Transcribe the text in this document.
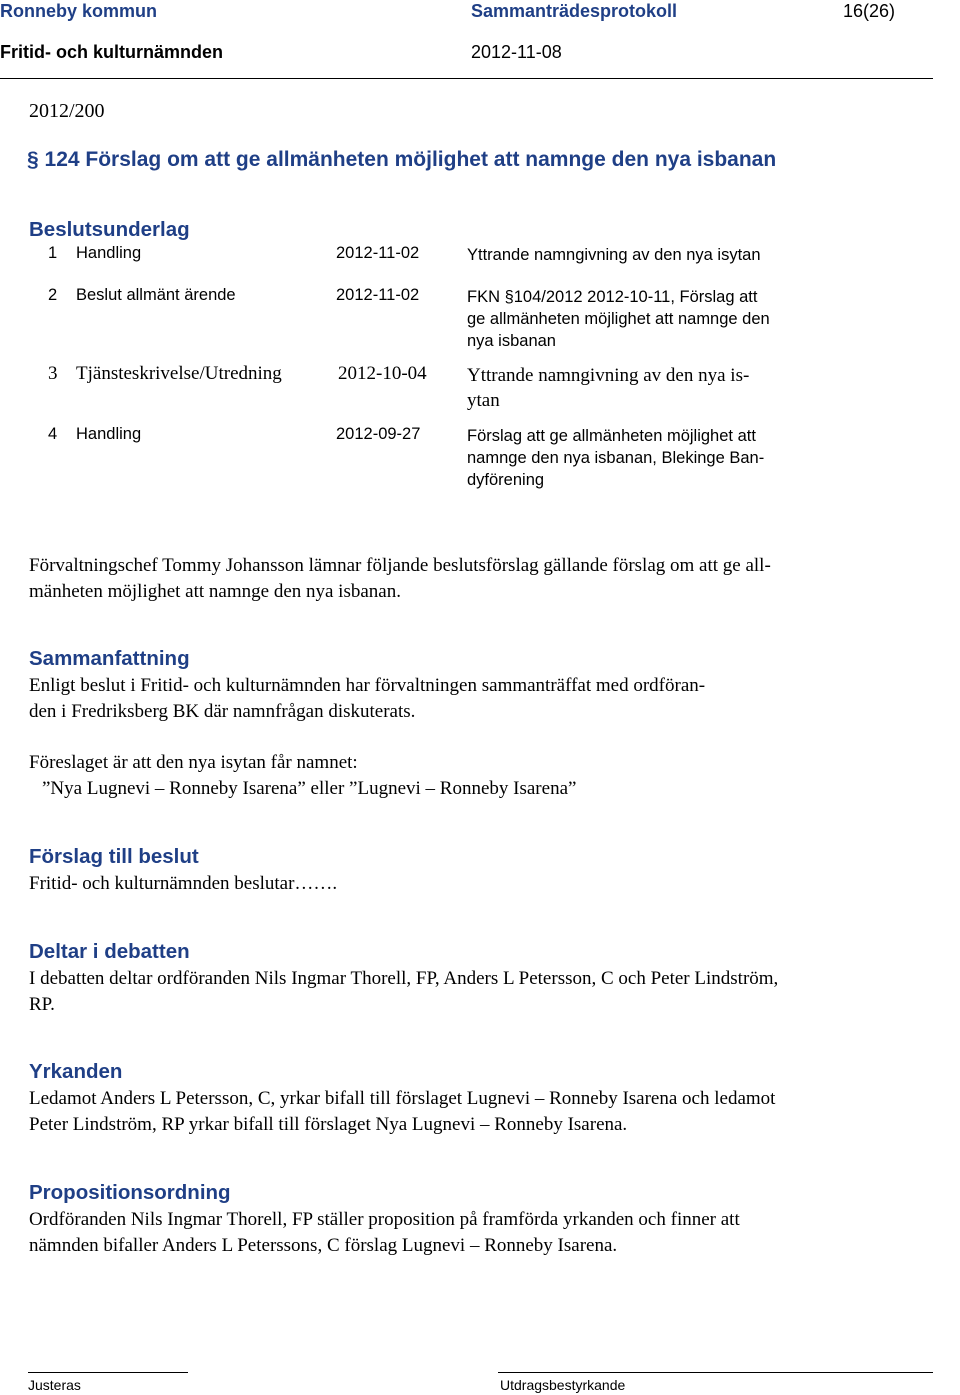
Ronneby kommun	Sammanträdesprotokoll	16(26)
Fritid- och kulturnämnden	2012-11-08
2012/200
§ 124 Förslag om att ge allmänheten möjlighet att namnge den nya isbanan
Beslutsunderlag
1 Handling	2012-11-02	Yttrande namngivning av den nya isytan
2 Beslut allmänt ärende	2012-11-02	FKN §104/2012 2012-10-11, Förslag att
ge allmänheten möjlighet att namnge den
nya isbanan
3 Tjänsteskrivelse/Utredning	2012-10-04 Yttrande namngivning av den nya is-
ytan
4 Handling	2012-09-27	Förslag att ge allmänheten möjlighet att
namnge den nya isbanan, Blekinge Ban-
dyförening
Förvaltningschef Tommy Johansson lämnar följande beslutsförslag gällande förslag om att ge all-
mänheten möjlighet att namnge den nya isbanan.
Sammanfattning
Enligt beslut i Fritid- och kulturnämnden har förvaltningen sammanträffat med ordföran-
den i Fredriksberg BK där namnfrågan diskuterats.
Föreslaget är att den nya isytan får namnet:
”Nya Lugnevi – Ronneby Isarena” eller ”Lugnevi – Ronneby Isarena”
Förslag till beslut
Fritid- och kulturnämnden beslutar…….
Deltar i debatten
I debatten deltar ordföranden Nils Ingmar Thorell, FP, Anders L Petersson, C och Peter Lindström,
RP.
Yrkanden
Ledamot Anders L Petersson, C, yrkar bifall till förslaget Lugnevi – Ronneby Isarena och ledamot
Peter Lindström, RP yrkar bifall till förslaget Nya Lugnevi – Ronneby Isarena.
Propositionsordning
Ordföranden Nils Ingmar Thorell, FP ställer proposition på framförda yrkanden och finner att
nämnden bifaller Anders L Peterssons, C förslag Lugnevi – Ronneby Isarena.
Justeras	Utdragsbestyrkande
